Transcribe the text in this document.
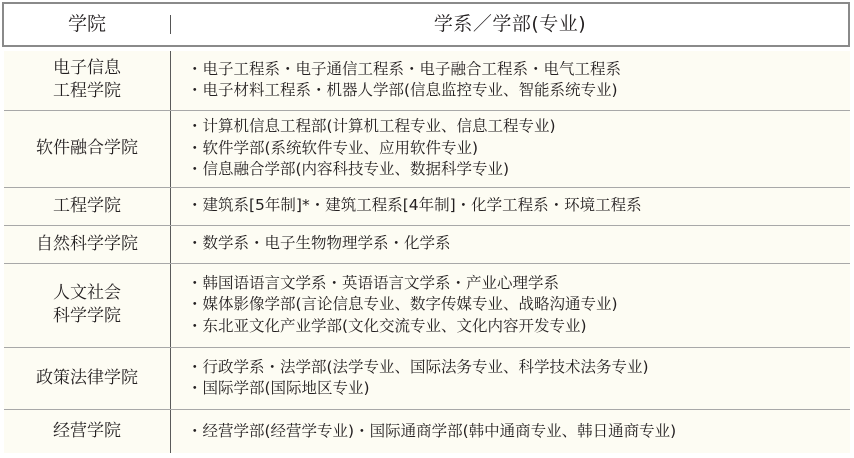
学院	学系／学部(专业)
电子信息
工程学院	・电子工程系・电子通信工程系・电子融合工程系・电气工程系
・电子材料工程系・机器人学部(信息监控专业、智能系统专业)

软件融合学院	・计算机信息工程部(计算机工程专业、信息工程专业)
・软件学部(系统软件专业、应用软件专业)
・信息融合学部(内容科技专业、数据科学专业)

工程学院	・建筑系[5年制]*・建筑工程系[4年制]・化学工程系・环境工程系

自然科学学院	・数学系・电子生物物理学系・化学系

人文社会
科学学院	・韩国语语言文学系・英语语言文学系・产业心理学系
・媒体影像学部(言论信息专业、数字传媒专业、战略沟通专业)
・东北亚文化产业学部(文化交流专业、文化内容开发专业)

政策法律学院	・行政学系・法学部(法学专业、国际法务专业、科学技术法务专业)
・国际学部(国际地区专业)

经营学院	・经营学部(经营学专业)・国际通商学部(韩中通商专业、韩日通商专业)
